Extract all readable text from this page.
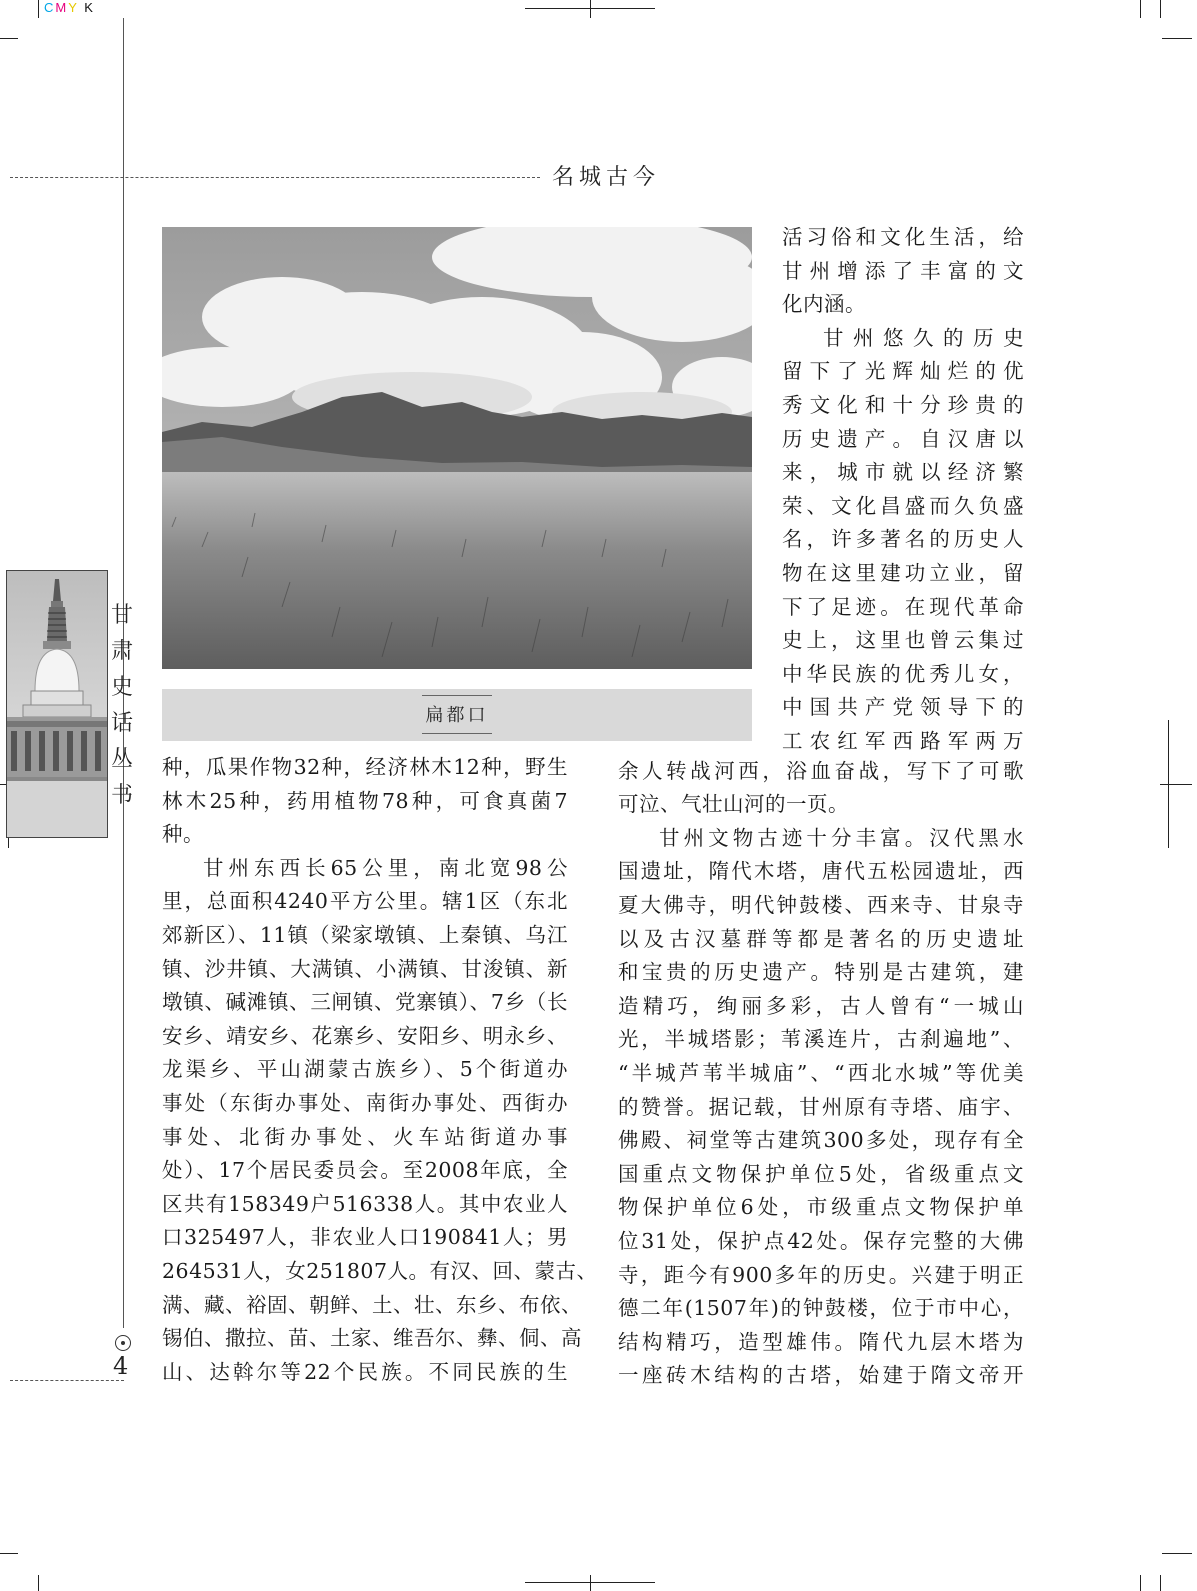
CMY K
名城古今
甘
肃
史
话
丛
书
4
扁都口

活习俗和文化生活，给

甘州增添了丰富的文

化内涵。

甘州悠久的历史

留下了光辉灿烂的优

秀文化和十分珍贵的

历史遗产。自汉唐以

来，城市就以经济繁

荣、文化昌盛而久负盛

名，许多著名的历史人

物在这里建功立业，留

下了足迹。在现代革命

史上，这里也曾云集过

中华民族的优秀儿女，

中国共产党领导下的

工农红军西路军两万

种，瓜果作物32种，经济林木12种，野生

林木25种，药用植物78种，可食真菌7

种。

甘州东西长65公里，南北宽98公

里，总面积4240平方公里。辖1区（东北

郊新区）、11镇（梁家墩镇、上秦镇、乌江

镇、沙井镇、大满镇、小满镇、甘浚镇、新

墩镇、碱滩镇、三闸镇、党寨镇）、7乡（长

安乡、靖安乡、花寨乡、安阳乡、明永乡、

龙渠乡、平山湖蒙古族乡）、5个街道办

事处（东街办事处、南街办事处、西街办

事处、北街办事处、火车站街道办事

处）、17个居民委员会。至2008年底，全

区共有158349户516338人。其中农业人

口325497人，非农业人口190841人；男

264531人，女251807人。有汉、回、蒙古、

满、藏、裕固、朝鲜、土、壮、东乡、布依、

锡伯、撒拉、苗、土家、维吾尔、彝、侗、高

山、达斡尔等22个民族。不同民族的生

余人转战河西，浴血奋战，写下了可歌

可泣、气壮山河的一页。

甘州文物古迹十分丰富。汉代黑水

国遗址，隋代木塔，唐代五松园遗址，西

夏大佛寺，明代钟鼓楼、西来寺、甘泉寺

以及古汉墓群等都是著名的历史遗址

和宝贵的历史遗产。特别是古建筑，建

造精巧，绚丽多彩，古人曾有“一城山

光，半城塔影；苇溪连片，古刹遍地”、

“半城芦苇半城庙”、“西北水城”等优美

的赞誉。据记载，甘州原有寺塔、庙宇、

佛殿、祠堂等古建筑300多处，现存有全

国重点文物保护单位5处，省级重点文

物保护单位6处，市级重点文物保护单

位31处，保护点42处。保存完整的大佛

寺，距今有900多年的历史。兴建于明正

德二年(1507年)的钟鼓楼，位于市中心，

结构精巧，造型雄伟。隋代九层木塔为

一座砖木结构的古塔，始建于隋文帝开
